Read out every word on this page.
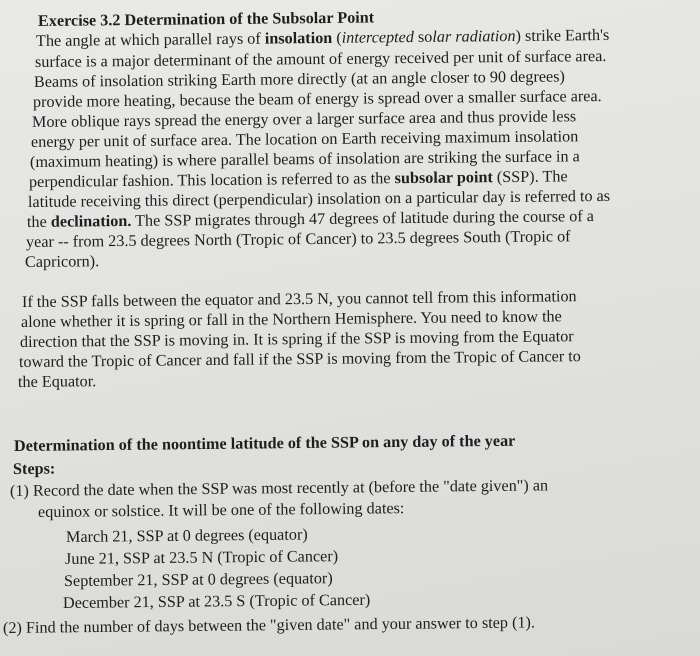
Exercise 3.2 Determination of the Subsolar Point
The angle at which parallel rays of insolation (intercepted solar radiation) strike Earth's
surface is a major determinant of the amount of energy received per unit of surface area.
Beams of insolation striking Earth more directly (at an angle closer to 90 degrees)
provide more heating, because the beam of energy is spread over a smaller surface area.
More oblique rays spread the energy over a larger surface area and thus provide less
energy per unit of surface area. The location on Earth receiving maximum insolation
(maximum heating) is where parallel beams of insolation are striking the surface in a
perpendicular fashion. This location is referred to as the subsolar point (SSP). The
latitude receiving this direct (perpendicular) insolation on a particular day is referred to as
the declination. The SSP migrates through 47 degrees of latitude during the course of a
year -- from 23.5 degrees North (Tropic of Cancer) to 23.5 degrees South (Tropic of
Capricorn).
If the SSP falls between the equator and 23.5 N, you cannot tell from this information
alone whether it is spring or fall in the Northern Hemisphere. You need to know the
direction that the SSP is moving in. It is spring if the SSP is moving from the Equator
toward the Tropic of Cancer and fall if the SSP is moving from the Tropic of Cancer to
the Equator.
Determination of the noontime latitude of the SSP on any day of the year
Steps:
(1) Record the date when the SSP was most recently at (before the "date given") an
equinox or solstice. It will be one of the following dates:
March 21, SSP at 0 degrees (equator)
June 21, SSP at 23.5 N (Tropic of Cancer)
September 21, SSP at 0 degrees (equator)
December 21, SSP at 23.5 S (Tropic of Cancer)
(2) Find the number of days between the "given date" and your answer to step (1).
